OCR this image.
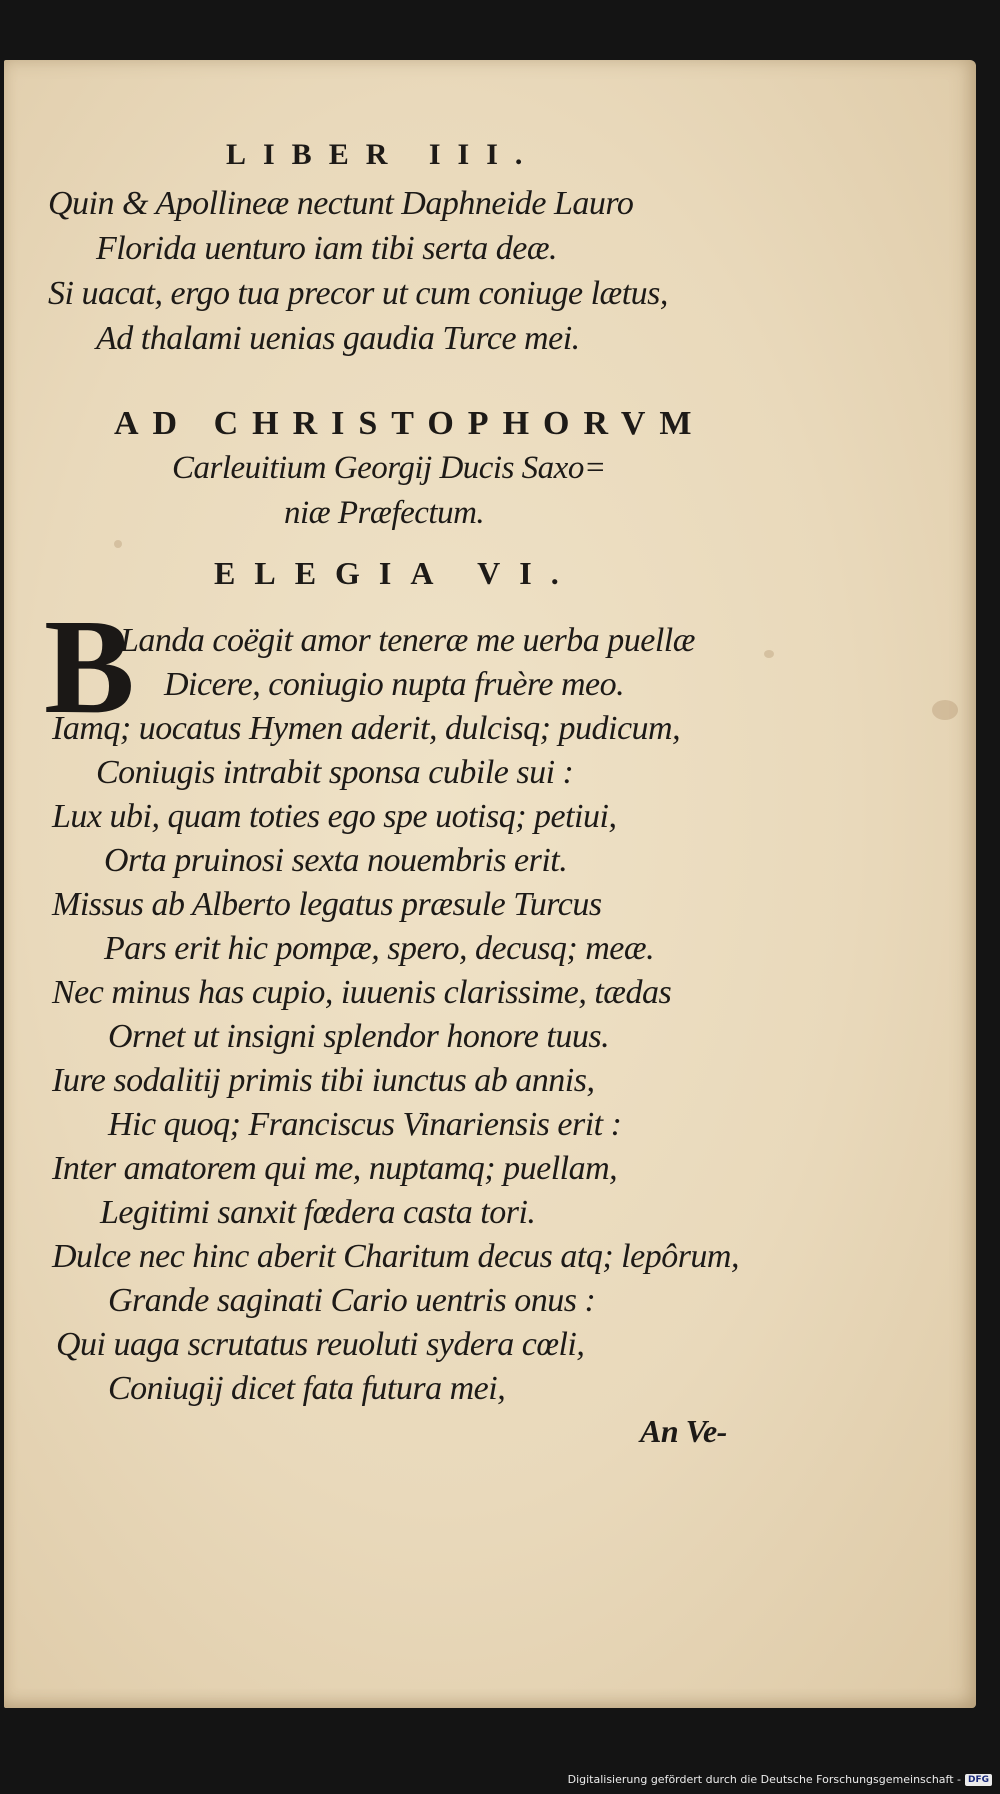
LIBER III.
Quin & Apollineæ nectunt Daphneide Lauro
Florida uenturo iam tibi serta deæ.
Si uacat, ergo tua precor ut cum coniuge lætus,
Ad thalami uenias gaudia Turce mei.
AD CHRISTOPHORVM
Carleuitium Georgij Ducis Saxo=
niæ Præfectum.
ELEGIA VI.
B
Landa coëgit amor teneræ me uerba puellæ
Dicere, coniugio nupta fruère meo.
Iamq; uocatus Hymen aderit, dulcisq; pudicum,
Coniugis intrabit sponsa cubile sui :
Lux ubi, quam toties ego spe uotisq; petiui,
Orta pruinosi sexta nouembris erit.
Missus ab Alberto legatus præsule Turcus
Pars erit hic pompæ, spero, decusq; meæ.
Nec minus has cupio, iuuenis clarissime, tædas
Ornet ut insigni splendor honore tuus.
Iure sodalitij primis tibi iunctus ab annis,
Hic quoq; Franciscus Vinariensis erit :
Inter amatorem qui me, nuptamq; puellam,
Legitimi sanxit fœdera casta tori.
Dulce nec hinc aberit Charitum decus atq; lepôrum,
Grande saginati Cario uentris onus :
Qui uaga scrutatus reuoluti sydera cœli,
Coniugij dicet fata futura mei,
An Ve-
Digitalisierung gefördert durch die Deutsche Forschungsgemeinschaft - DFG
